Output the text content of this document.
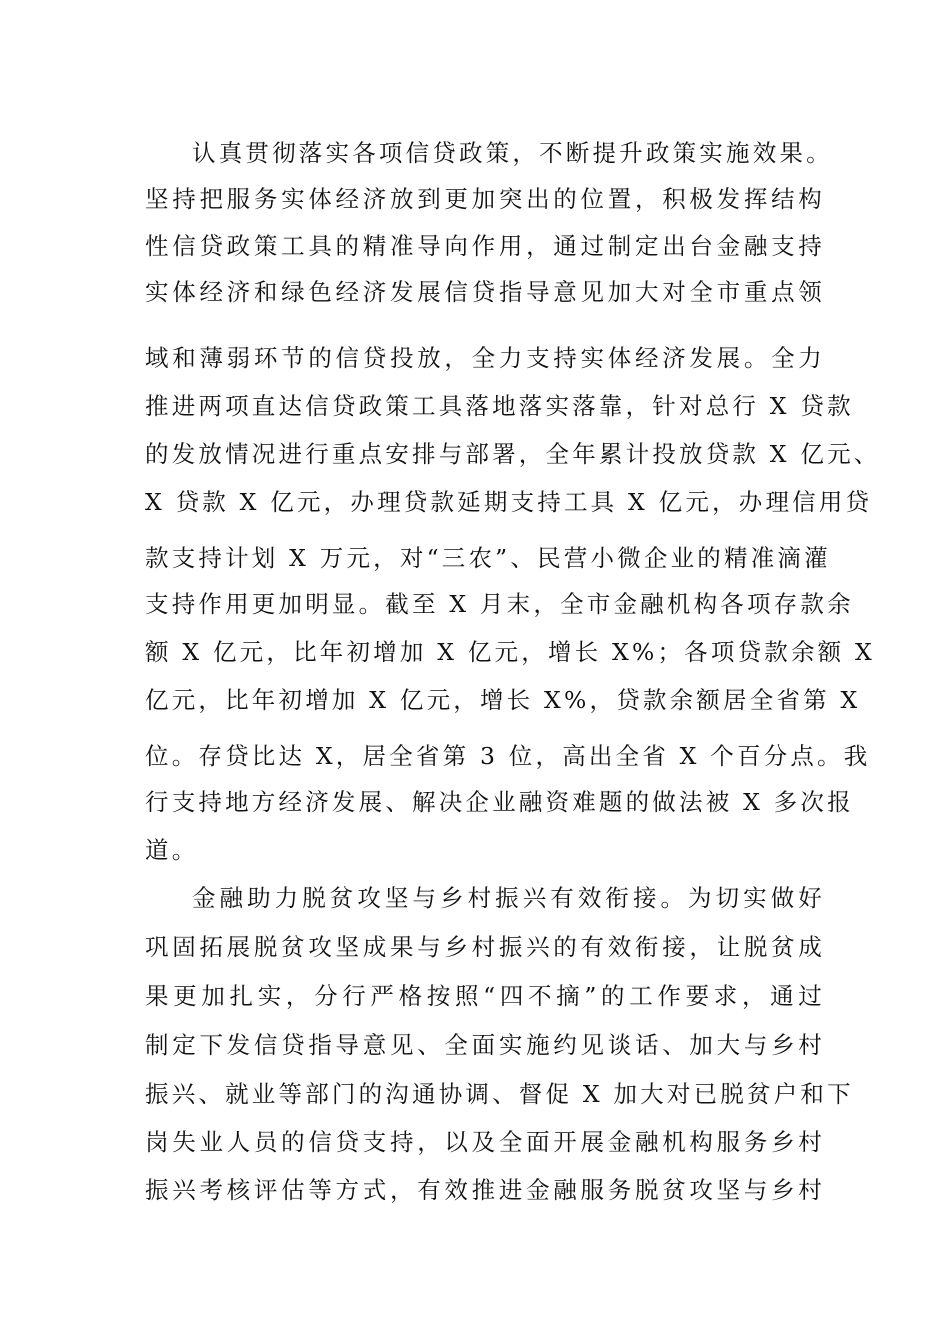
认真贯彻落实各项信贷政策，不断提升政策实施效果。
坚持把服务实体经济放到更加突出的位置，积极发挥结构
性信贷政策工具的精准导向作用，通过制定出台金融支持
实体经济和绿色经济发展信贷指导意见加大对全市重点领
域和薄弱环节的信贷投放，全力支持实体经济发展。全力
推进两项直达信贷政策工具落地落实落靠，针对总行 X 贷款
的发放情况进行重点安排与部署，全年累计投放贷款 X 亿元、
X 贷款 X 亿元，办理贷款延期支持工具 X 亿元，办理信用贷
款支持计划 X 万元，对“三农”、民营小微企业的精准滴灌
支持作用更加明显。截至 X 月末，全市金融机构各项存款余
额 X 亿元，比年初增加 X 亿元，增长 X%；各项贷款余额 X
亿元，比年初增加 X 亿元，增长 X%，贷款余额居全省第 X
位。存贷比达 X，居全省第 3 位，高出全省 X 个百分点。我
行支持地方经济发展、解决企业融资难题的做法被 X 多次报
道。
金融助力脱贫攻坚与乡村振兴有效衔接。为切实做好
巩固拓展脱贫攻坚成果与乡村振兴的有效衔接，让脱贫成
果更加扎实，分行严格按照“四不摘”的工作要求，通过
制定下发信贷指导意见、全面实施约见谈话、加大与乡村
振兴、就业等部门的沟通协调、督促 X 加大对已脱贫户和下
岗失业人员的信贷支持，以及全面开展金融机构服务乡村
振兴考核评估等方式，有效推进金融服务脱贫攻坚与乡村
